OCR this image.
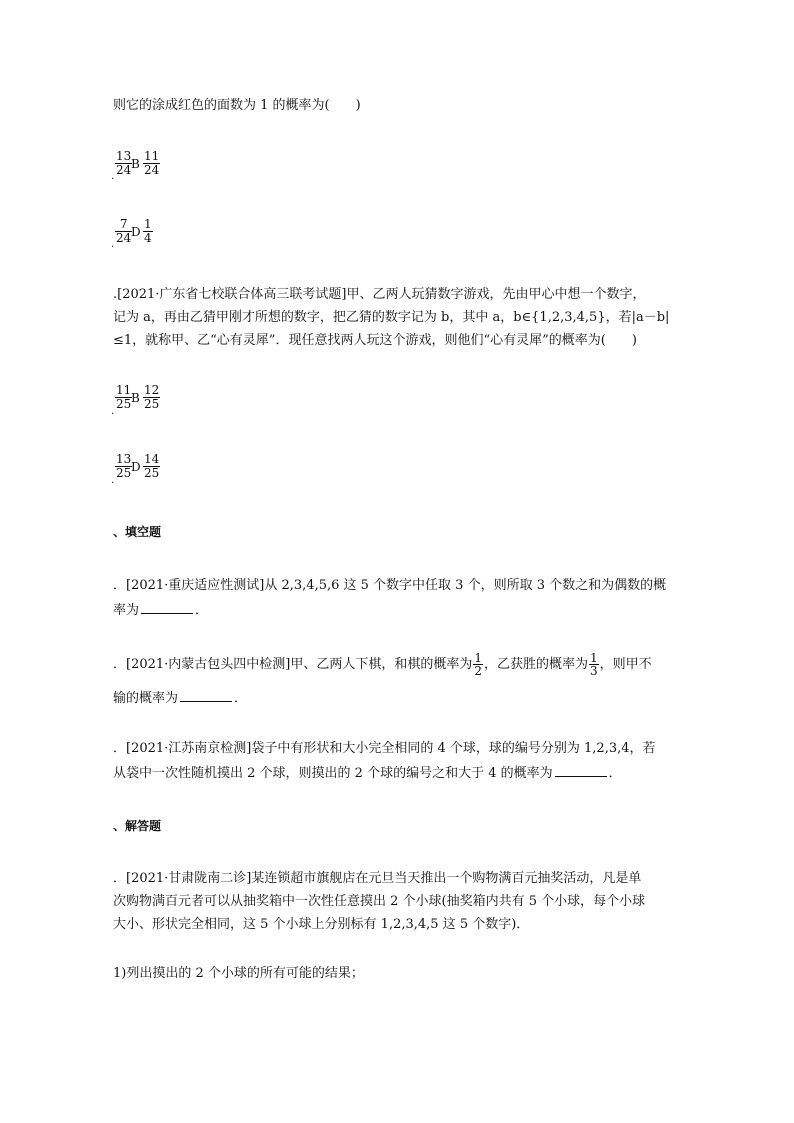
则它的涂成红色的面数为 1 的概率为(　　)
. $\frac{13}{24}$
B $\frac{11}{24}$
. $\frac{7}{24}$
D $\frac{1}{4}$
.[2021·广东省七校联合体高三联考试题]甲、乙两人玩猜数字游戏，先由甲心中想一个数字，
记为 a，再由乙猜甲刚才所想的数字，把乙猜的数字记为 b，其中 a，b∈{1,2,3,4,5}，若|a－b|
≤1，就称甲、乙“心有灵犀”．现任意找两人玩这个游戏，则他们“心有灵犀”的概率为(　　)
.
$\frac{11}{25}$
B $\frac{12}{25}$
.
$\frac{13}{25}$
D $\frac{14}{25}$
、填空题
．[2021·重庆适应性测试]从 2,3,4,5,6 这 5 个数字中任取 3 个，则所取 3 个数之和为偶数的概
率为	．
．[2021·内蒙古包头四中检测]甲、乙两人下棋，和棋的概率为 $\frac{1}{2}$ ，乙获胜的概率为 $\frac{1}{3}$ ，则甲不
输的概率为	．
．[2021·江苏南京检测]袋子中有形状和大小完全相同的 4 个球，球的编号分别为 1,2,3,4，若
从袋中一次性随机摸出 2 个球，则摸出的 2 个球的编号之和大于 4 的概率为	．
、解答题
．[2021·甘肃陇南二诊]某连锁超市旗舰店在元旦当天推出一个购物满百元抽奖活动，凡是单
次购物满百元者可以从抽奖箱中一次性任意摸出 2 个小球(抽奖箱内共有 5 个小球，每个小球
大小、形状完全相同，这 5 个小球上分别标有 1,2,3,4,5 这 5 个数字)．
1)列出摸出的 2 个小球的所有可能的结果；
